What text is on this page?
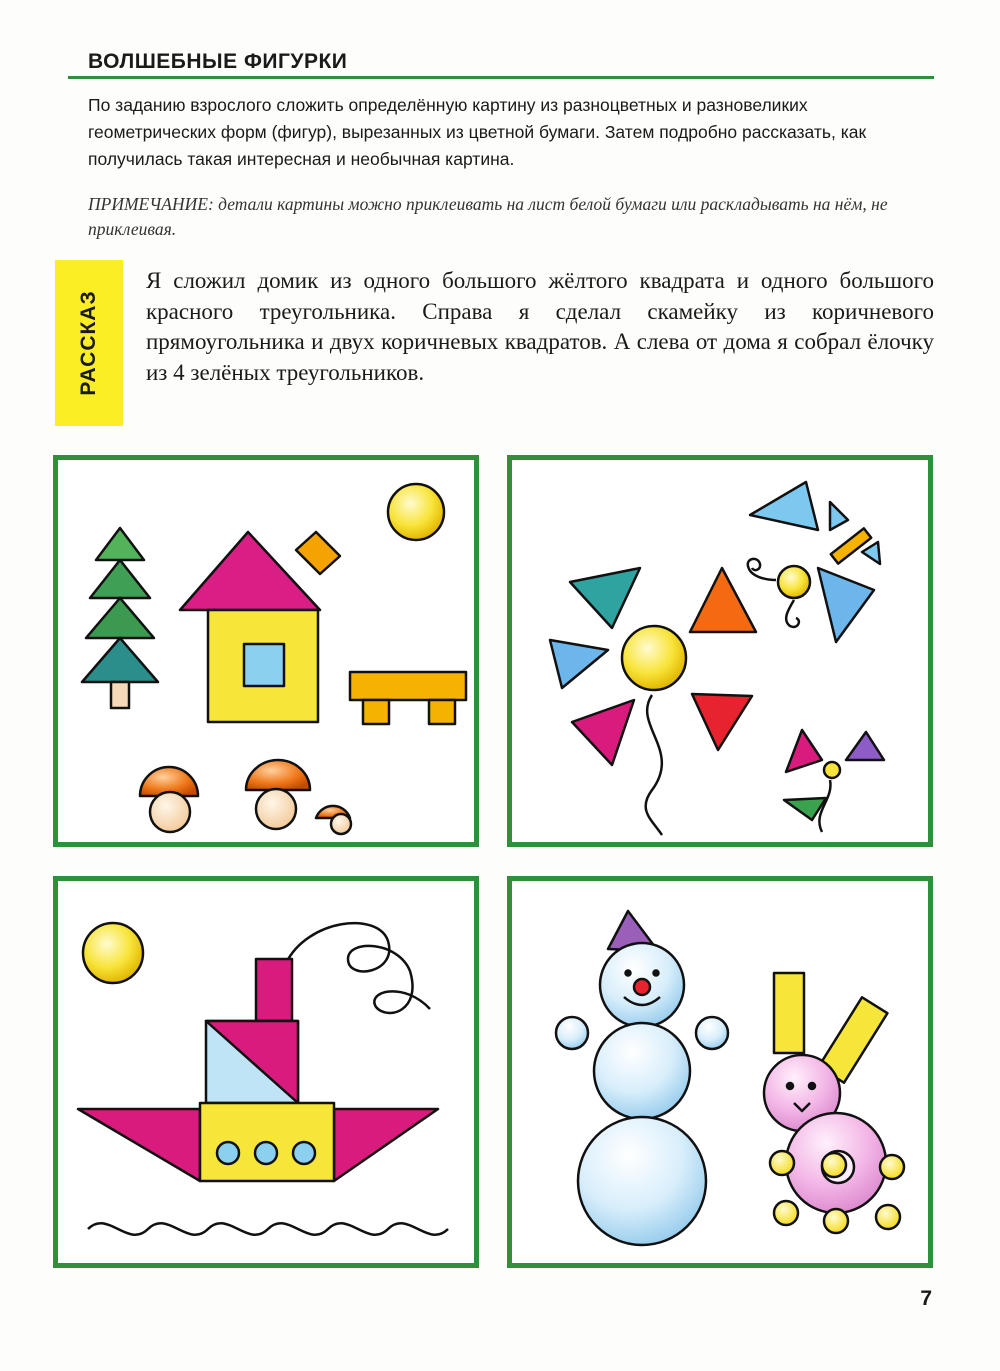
ВОЛШЕБНЫЕ ФИГУРКИ
По заданию взрослого сложить определённую картину из разноцветных и разновеликих геометрических форм (фигур), вырезанных из цветной бумаги. Затем подробно рассказать, как получилась такая интересная и необычная картина.
ПРИМЕЧАНИЕ: детали картины можно приклеивать на лист белой бумаги или раскладывать на нём, не приклеивая.
РАССКАЗ
Я сложил домик из одного большого жёлтого квадрата и одного большого красного треугольника. Справа я сделал скамейку из коричневого прямоугольника и двух коричневых квадратов. А слева от дома я собрал ёлочку из 4 зелёных треугольников.
7
